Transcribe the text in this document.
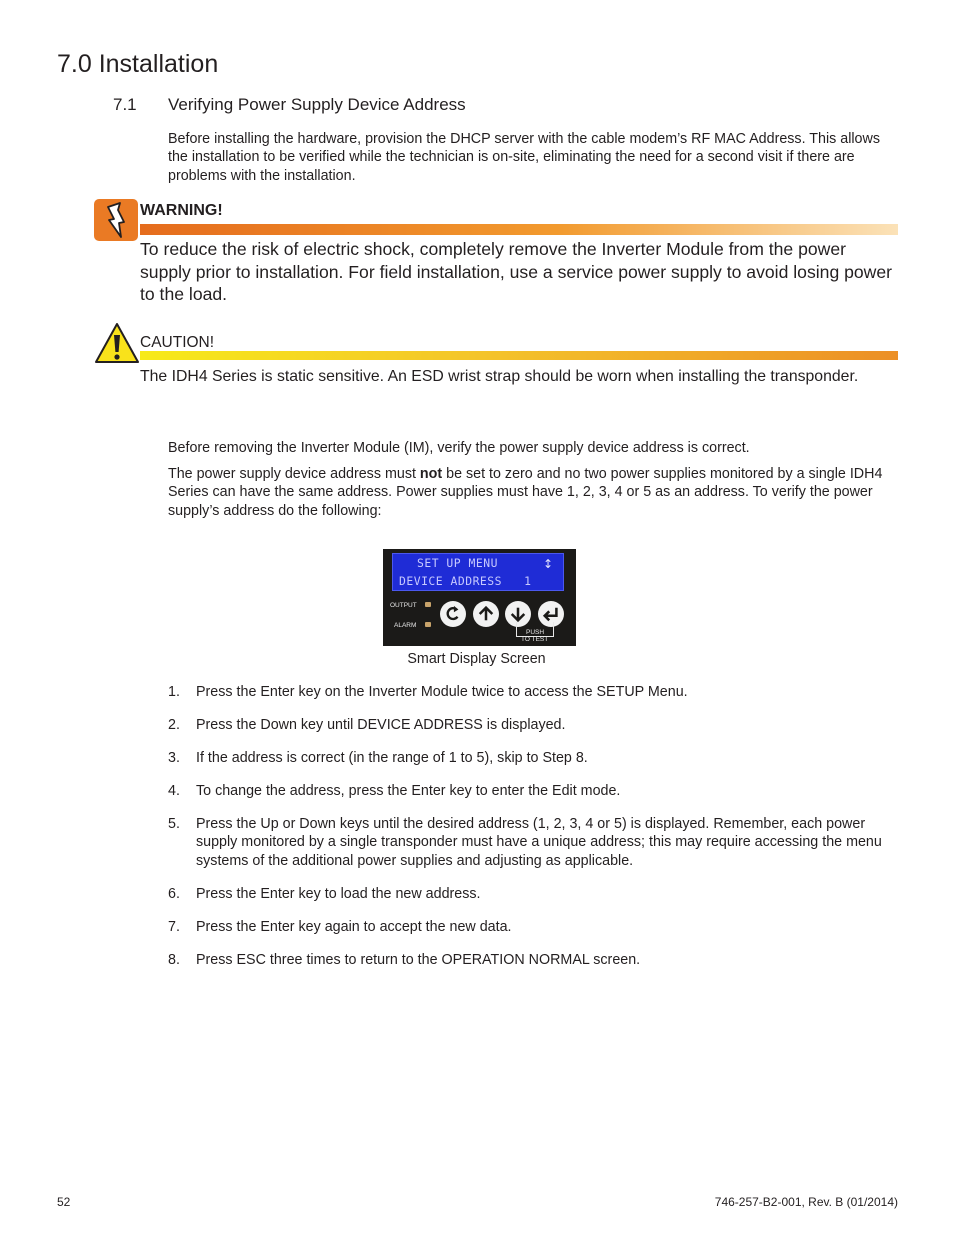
7.0 Installation
7.1 Verifying Power Supply Device Address
Before installing the hardware, provision the DHCP server with the cable modem’s RF MAC Address. This allows the installation to be verified while the technician is on-site, eliminating the need for a second visit if there are problems with the installation.
WARNING!
To reduce the risk of electric shock, completely remove the Inverter Module from the power supply prior to installation. For field installation, use a service power supply to avoid losing power to the load.
CAUTION!
The IDH4 Series is static sensitive. An ESD wrist strap should be worn when installing the transponder.
Before removing the Inverter Module (IM), verify the power supply device address is correct.
The power supply device address must not be set to zero and no two power supplies monitored by a single IDH4 Series can have the same address. Power supplies must have 1, 2, 3, 4 or 5 as an address. To verify the power supply’s address do the following:
SET UP MENU
DEVICE ADDRESS   1
↕
OUTPUT
ALARM
PUSH
TO TEST
Smart Display Screen
1. Press the Enter key on the Inverter Module twice to access the SETUP Menu.
2. Press the Down key until DEVICE ADDRESS is displayed.
3. If the address is correct (in the range of 1 to 5), skip to Step 8.
4. To change the address, press the Enter key to enter the Edit mode.
5. Press the Up or Down keys until the desired address (1, 2, 3, 4 or 5) is displayed. Remember, each power supply monitored by a single transponder must have a unique address; this may require accessing the menu systems of the additional power supplies and adjusting as applicable.
6. Press the Enter key to load the new address.
7. Press the Enter key again to accept the new data.
8. Press ESC three times to return to the OPERATION NORMAL screen.
52	746-257-B2-001, Rev. B (01/2014)
